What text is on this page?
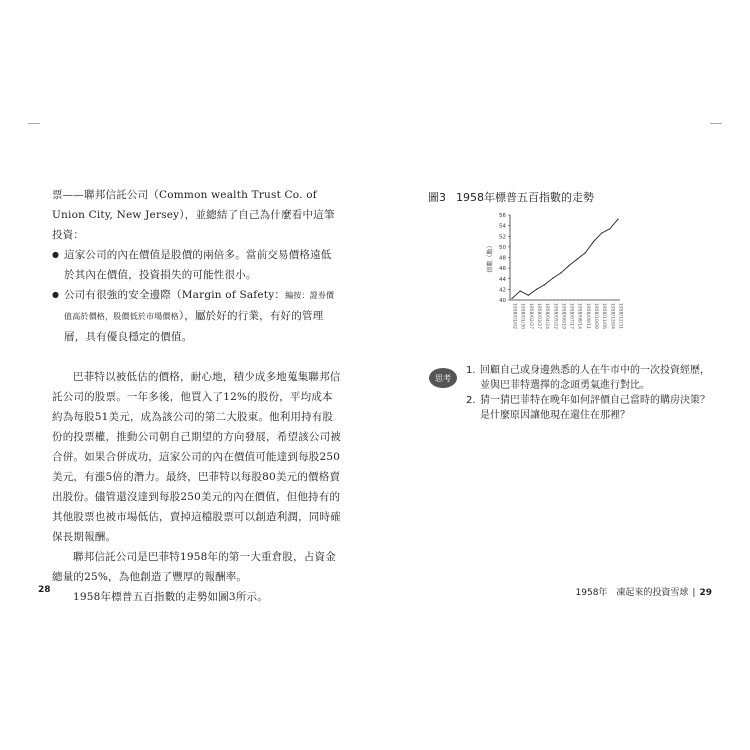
票——聯邦信託公司（Common wealth Trust Co. of Union City, New Jersey），並總結了自己為什麼看中這筆投資：

● 這家公司的內在價值是股價的兩倍多。當前交易價格遠低於其內在價值，投資損失的可能性很小。
● 公司有很強的安全邊際（Margin of Safety：編按：證券價值高於價格，股價低於市場價格），屬於好的行業，有好的管理層，具有優良穩定的價值。

巴菲特以被低估的價格，耐心地，積少成多地蒐集聯邦信託公司的股票。一年多後，他買入了12%的股份，平均成本約為每股51美元，成為該公司的第二大股東。他利用持有股份的投票權，推動公司朝自己期望的方向發展，希望該公司被合併。如果合併成功，這家公司的內在價值可能達到每股250美元，有漲5倍的潛力。最終，巴菲特以每股80美元的價格賣出股份。儘管還沒達到每股250美元的內在價值，但他持有的其他股票也被市場低估，賣掉這檔股票可以創造利潤，同時確保長期報酬。

聯邦信託公司是巴菲特1958年的第一大重倉股，占資金總量的25%，為他創造了豐厚的報酬率。

1958年標普五百指數的走勢如圖3所示。

圖3 1958年標普五百指數的走勢
56
54
52
50
48
46
44
42
40
指數（點）
1958/01/02 1958/01/30 1958/02/27 1958/03/27 1958/04/24 1958/05/22 1958/06/19 1958/07/17 1958/08/14 1958/09/11 1958/10/09 1958/11/06 1958/12/04 1958/12/31
思考
1. 回顧自己或身邊熟悉的人在牛市中的一次投資經歷，並與巴菲特選擇的念頭勇氣進行對比。
2. 猜一猜巴菲特在晚年如何評價自己當時的購房決策？是什麼原因讓他現在還住在那裡？
28	1958年　凍起來的投資雪球 | 29
